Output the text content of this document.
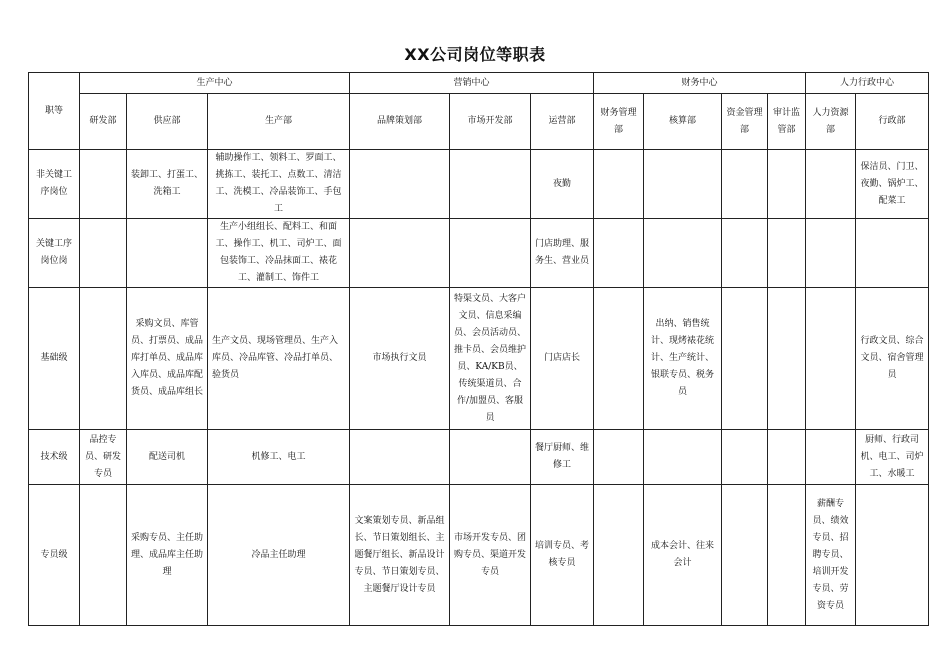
XX公司岗位等职表
职等	生产中心			营销中心			财务中心				人力行政中心	
	研发部	供应部	生产部	品牌策划部	市场开发部	运营部	财务管理部	核算部	资金管理部	审计监管部	人力资源部	行政部
非关键工序岗位		装卸工、打蛋工、洗箱工	辅助操作工、领料工、罗面工、挑拣工、装托工、点数工、清洁工、洗模工、冷品装饰工、手包工			夜勤						保洁员、门卫、夜勤、锅炉工、配菜工
关键工序岗位岗			生产小组组长、配料工、和面工、操作工、机工、司炉工、面包装饰工、冷品抹面工、裱花工、灌制工、饰件工			门店助理、服务生、营业员						
基础级		采购文员、库管员、打票员、成品库打单员、成品库入库员、成品库配货员、成品库组长	生产文员、现场管理员、生产入库员、冷品库管、冷品打单员、验货员	市场执行文员	特渠文员、大客户文员、信息采编员、会员活动员、推卡员、会员维护员、KA/KB员、传统渠道员、合作/加盟员、客服员	门店店长		出纳、销售统计、现烤裱花统计、生产统计、银联专员、税务员				行政文员、综合文员、宿舍管理员
技术级	品控专员、研发专员	配送司机	机修工、电工			餐厅厨师、维修工						厨师、行政司机、电工、司炉工、水暖工
专员级		采购专员、主任助理、成品库主任助理	冷品主任助理	文案策划专员、新品组长、节日策划组长、主题餐厅组长、新品设计专员、节日策划专员、主题餐厅设计专员	市场开发专员、团购专员、渠道开发专员	培训专员、考核专员		成本会计、往来会计			薪酬专员、绩效专员、招聘专员、培训开发专员、劳资专员	
